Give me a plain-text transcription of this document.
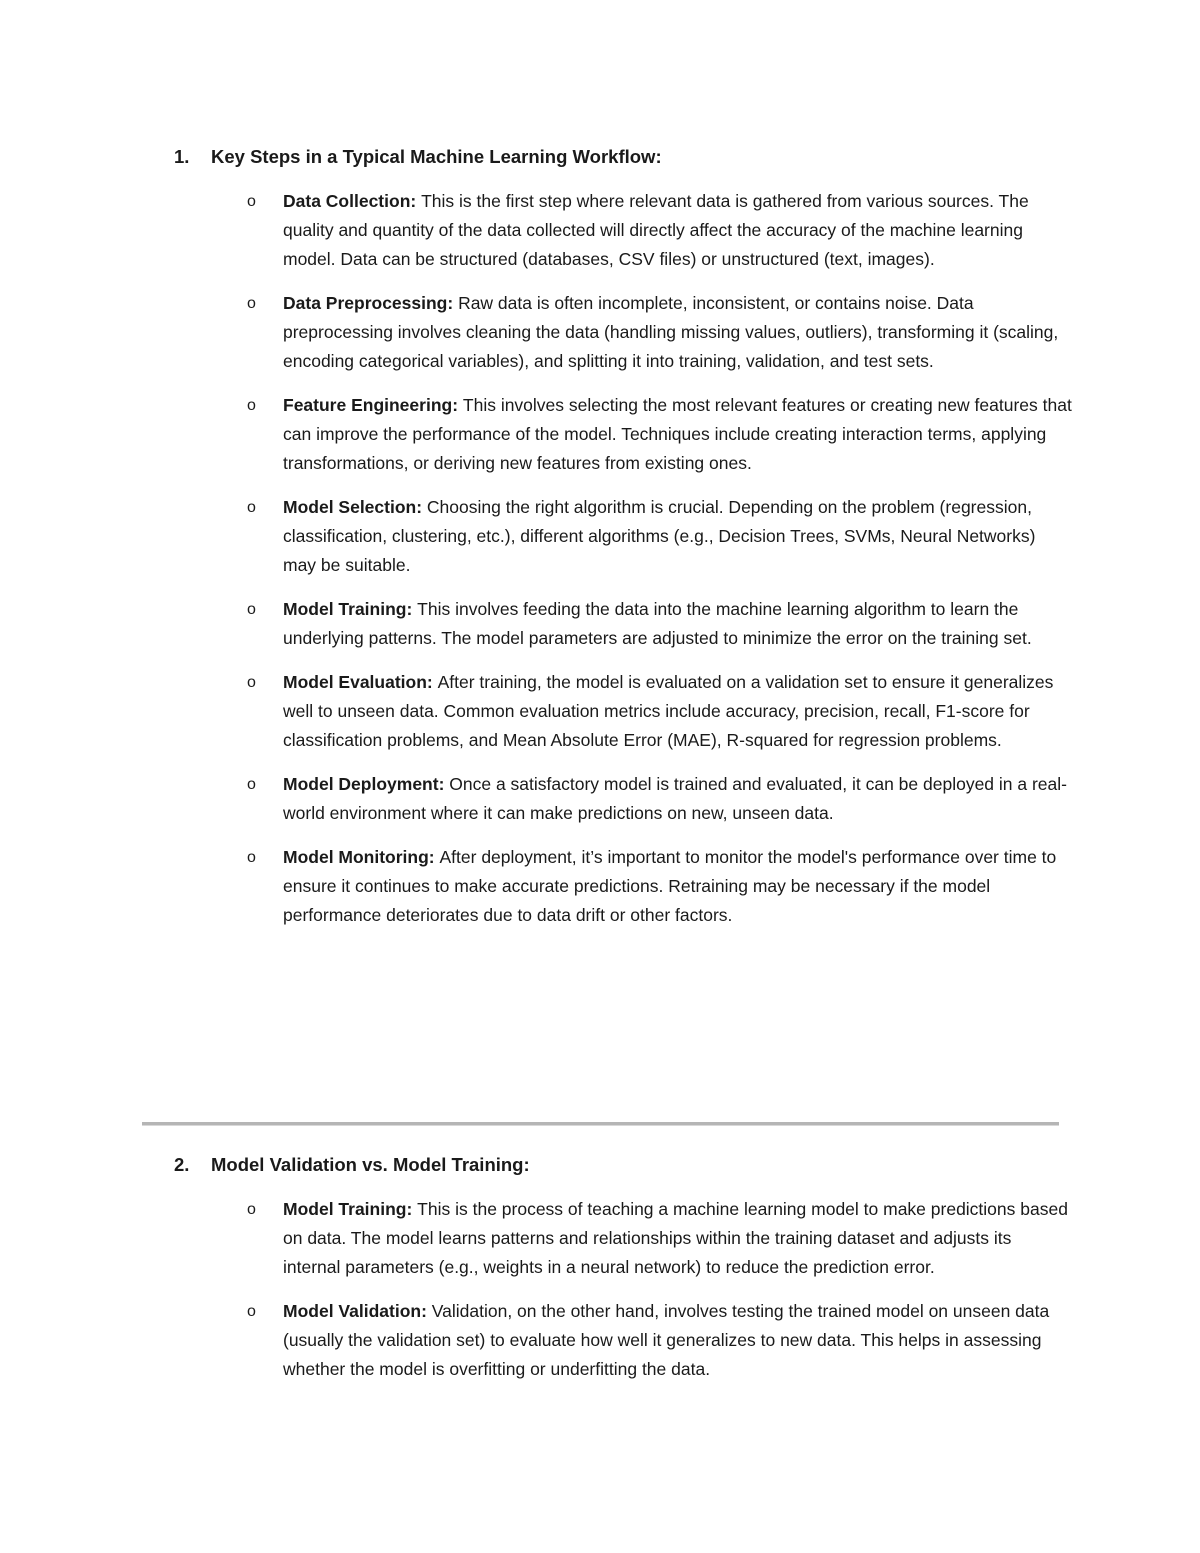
1. Key Steps in a Typical Machine Learning Workflow:
o Data Collection: This is the first step where relevant data is gathered from various sources. The quality and quantity of the data collected will directly affect the accuracy of the machine learning model. Data can be structured (databases, CSV files) or unstructured (text, images).
o Data Preprocessing: Raw data is often incomplete, inconsistent, or contains noise. Data preprocessing involves cleaning the data (handling missing values, outliers), transforming it (scaling, encoding categorical variables), and splitting it into training, validation, and test sets.
o Feature Engineering: This involves selecting the most relevant features or creating new features that can improve the performance of the model. Techniques include creating interaction terms, applying transformations, or deriving new features from existing ones.
o Model Selection: Choosing the right algorithm is crucial. Depending on the problem (regression, classification, clustering, etc.), different algorithms (e.g., Decision Trees, SVMs, Neural Networks) may be suitable.
o Model Training: This involves feeding the data into the machine learning algorithm to learn the underlying patterns. The model parameters are adjusted to minimize the error on the training set.
o Model Evaluation: After training, the model is evaluated on a validation set to ensure it generalizes well to unseen data. Common evaluation metrics include accuracy, precision, recall, F1-score for classification problems, and Mean Absolute Error (MAE), R-squared for regression problems.
o Model Deployment: Once a satisfactory model is trained and evaluated, it can be deployed in a real-world environment where it can make predictions on new, unseen data.
o Model Monitoring: After deployment, it’s important to monitor the model's performance over time to ensure it continues to make accurate predictions. Retraining may be necessary if the model performance deteriorates due to data drift or other factors.
2. Model Validation vs. Model Training:
o Model Training: This is the process of teaching a machine learning model to make predictions based on data. The model learns patterns and relationships within the training dataset and adjusts its internal parameters (e.g., weights in a neural network) to reduce the prediction error.
o Model Validation: Validation, on the other hand, involves testing the trained model on unseen data (usually the validation set) to evaluate how well it generalizes to new data. This helps in assessing whether the model is overfitting or underfitting the data.
